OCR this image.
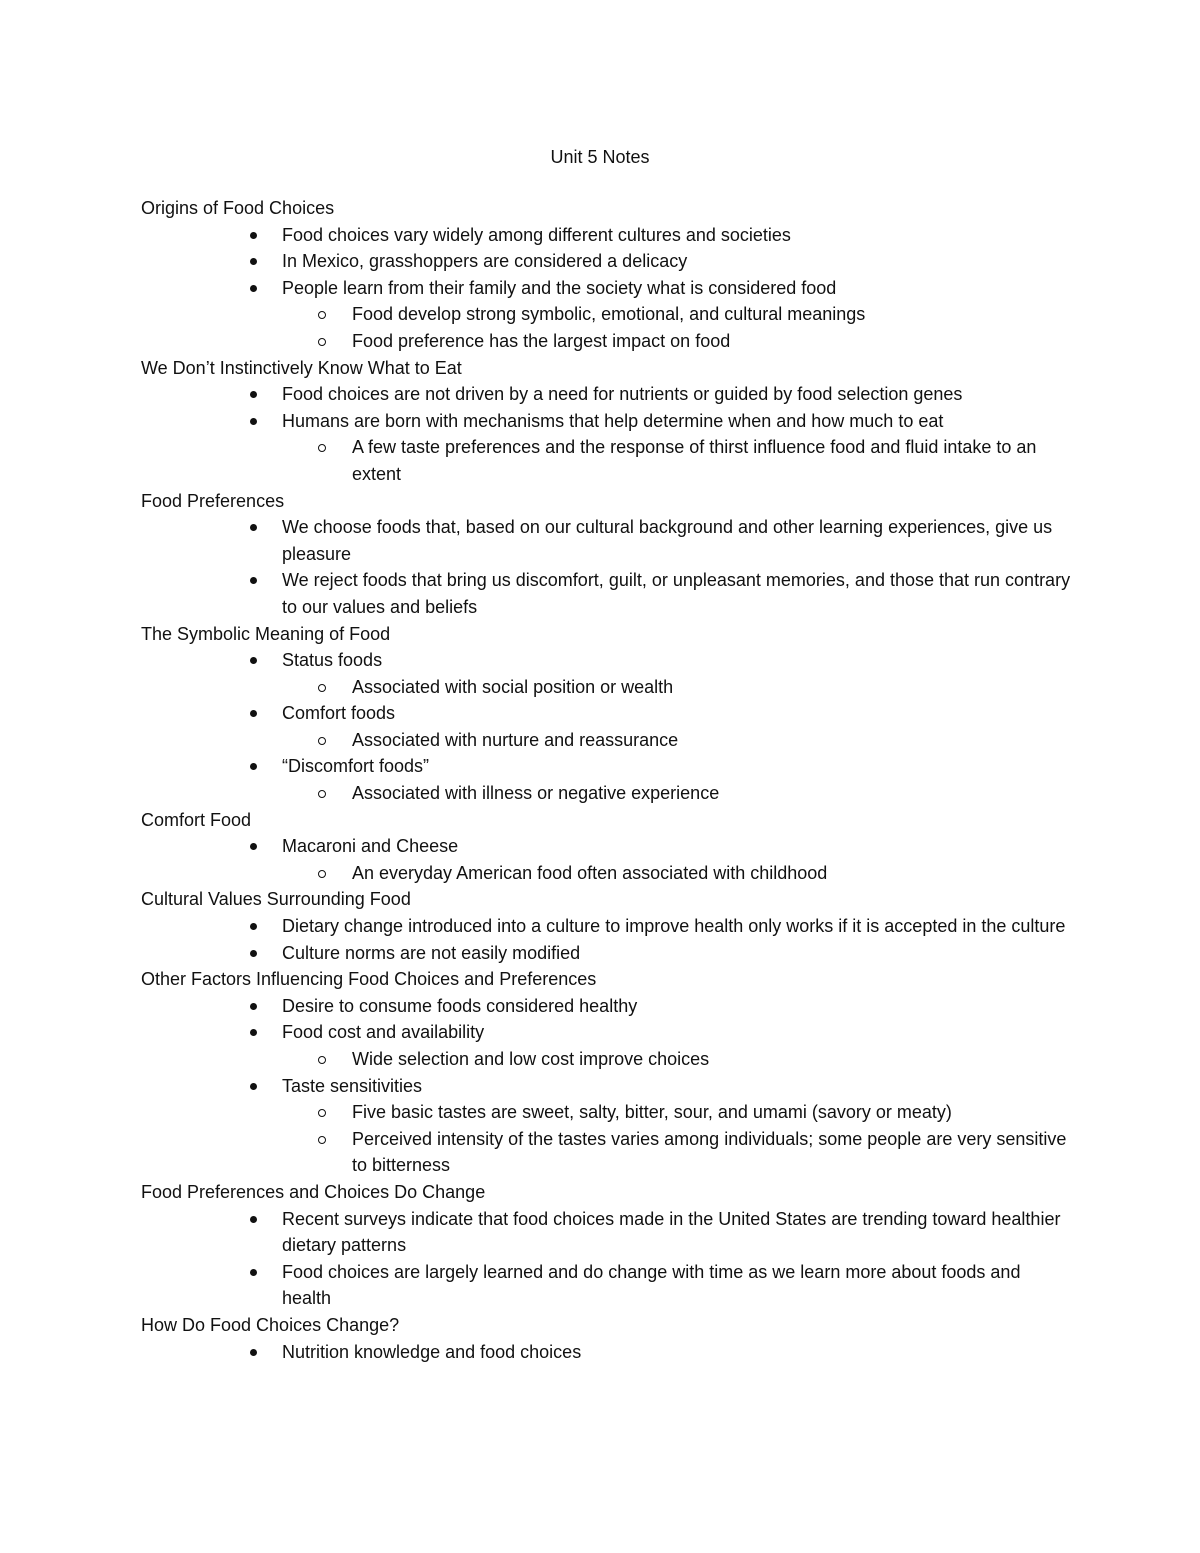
Unit 5 Notes
Origins of Food Choices
Food choices vary widely among different cultures and societies
In Mexico, grasshoppers are considered a delicacy
People learn from their family and the society what is considered food
Food develop strong symbolic, emotional, and cultural meanings
Food preference has the largest impact on food
We Don’t Instinctively Know What to Eat
Food choices are not driven by a need for nutrients or guided by food selection genes
Humans are born with mechanisms that help determine when and how much to eat
A few taste preferences and the response of thirst influence food and fluid intake to an extent
Food Preferences
We choose foods that, based on our cultural background and other learning experiences, give us pleasure
We reject foods that bring us discomfort, guilt, or unpleasant memories, and those that run contrary to our values and beliefs
The Symbolic Meaning of Food
Status foods
Associated with social position or wealth
Comfort foods
Associated with nurture and reassurance
“Discomfort foods”
Associated with illness or negative experience
Comfort Food
Macaroni and Cheese
An everyday American food often associated with childhood
Cultural Values Surrounding Food
Dietary change introduced into a culture to improve health only works if it is accepted in the culture
Culture norms are not easily modified
Other Factors Influencing Food Choices and Preferences
Desire to consume foods considered healthy
Food cost and availability
Wide selection and low cost improve choices
Taste sensitivities
Five basic tastes are sweet, salty, bitter, sour, and umami (savory or meaty)
Perceived intensity of the tastes varies among individuals; some people are very sensitive to bitterness
Food Preferences and Choices Do Change
Recent surveys indicate that food choices made in the United States are trending toward healthier dietary patterns
Food choices are largely learned and do change with time as we learn more about foods and health
How Do Food Choices Change?
Nutrition knowledge and food choices
